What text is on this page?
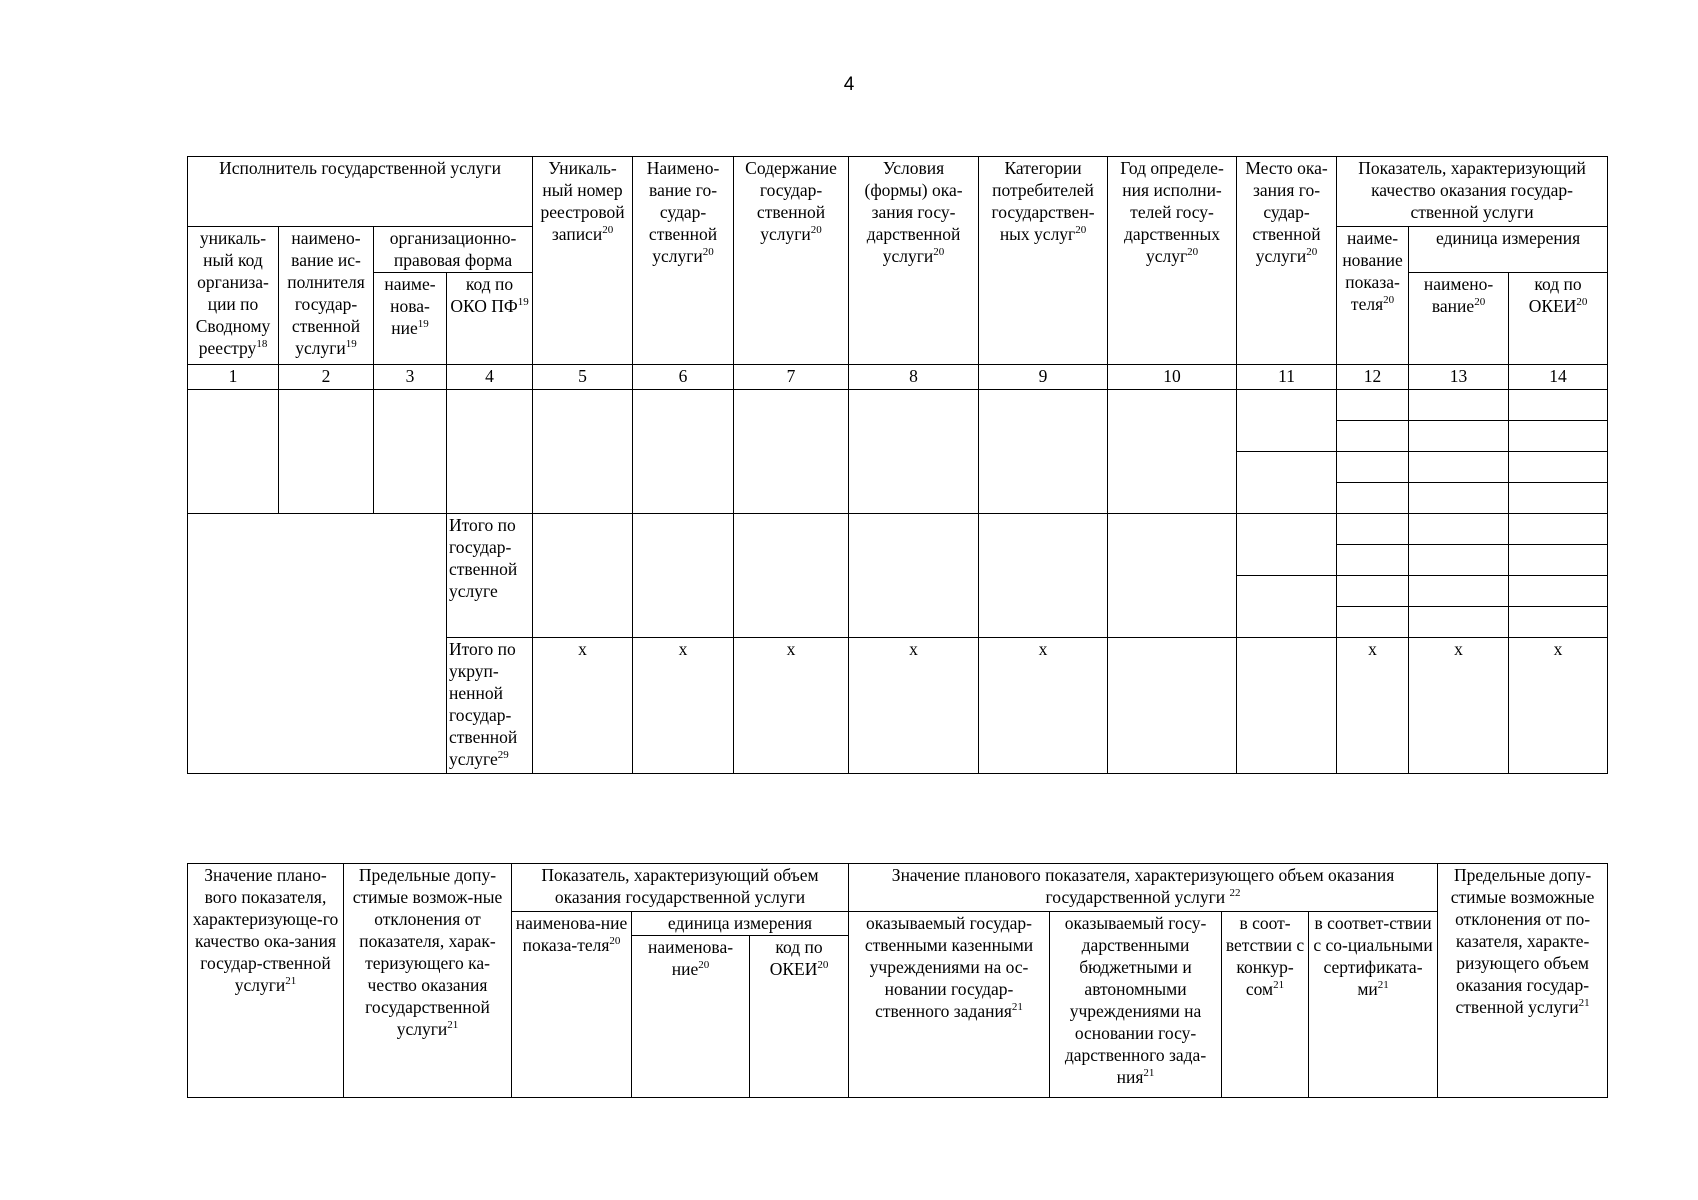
4
Исполнитель государственной услуги				Уникаль-ный номер реестровой записи$^{20}$	Наимено-вание го-судар-ственной услуги$^{20}$	Содержание государ-ственной услуги$^{20}$	Условия (формы) ока-зания госу-дарственной услуги$^{20}$	Категории потребителей государствен-ных услуг$^{20}$	Год определе-ния исполни-телей госу-дарственных услуг$^{20}$	Место ока-зания го-судар-ственной услуги$^{20}$	Показатель, характеризующий качество оказания государ-ственной услуги		
уникаль-ный код организа-ции по Сводному реестру$^{18}$	наимено-вание ис-полнителя государ-ственной услуги$^{19}$	организационно-правовая форма									наиме-нование показа-теля$^{20}$	единица измерения	
		наиме-нова-ние$^{19}$	код по ОКО ПФ$^{19}$									наимено-вание$^{20}$	код по ОКЕИ$^{20}$
1	2	3	4	5	6	7	8	9	10	11	12	13	14

			Итого по государ-ственной услуге										

			Итого по укруп-ненной государ-ственной услуге$^{29}$	x	x	x	x	x			x	x	x
Значение плано-вого показателя, характеризующе-го качество ока-зания государ-ственной услуги$^{21}$	Предельные допу-стимые возмож-ные отклонения от показателя, харак-теризующего ка-чество оказания государственной услуги$^{21}$	Показатель, характеризующий объем оказания государственной услуги			Значение планового показателя, характеризующего объем оказания государственной услуги $^{22}$				Предельные допу-стимые возможные отклонения от по-казателя, характе-ризующего объем оказания государ-ственной услуги$^{21}$
		наименова-ние показа-теля$^{20}$	единица измерения		оказываемый государ-ственными казенными учреждениями на ос-новании государ-ственного задания$^{21}$	оказываемый госу-дарственными бюджетными и автономными учреждениями на основании госу-дарственного зада-ния$^{21}$	в соот-ветствии с конкур-сом$^{21}$	в соответ-ствии с со-циальными сертификата-$ми^{21}$
			наименова-ние$^{20}$	код по ОКЕИ$^{20}$
